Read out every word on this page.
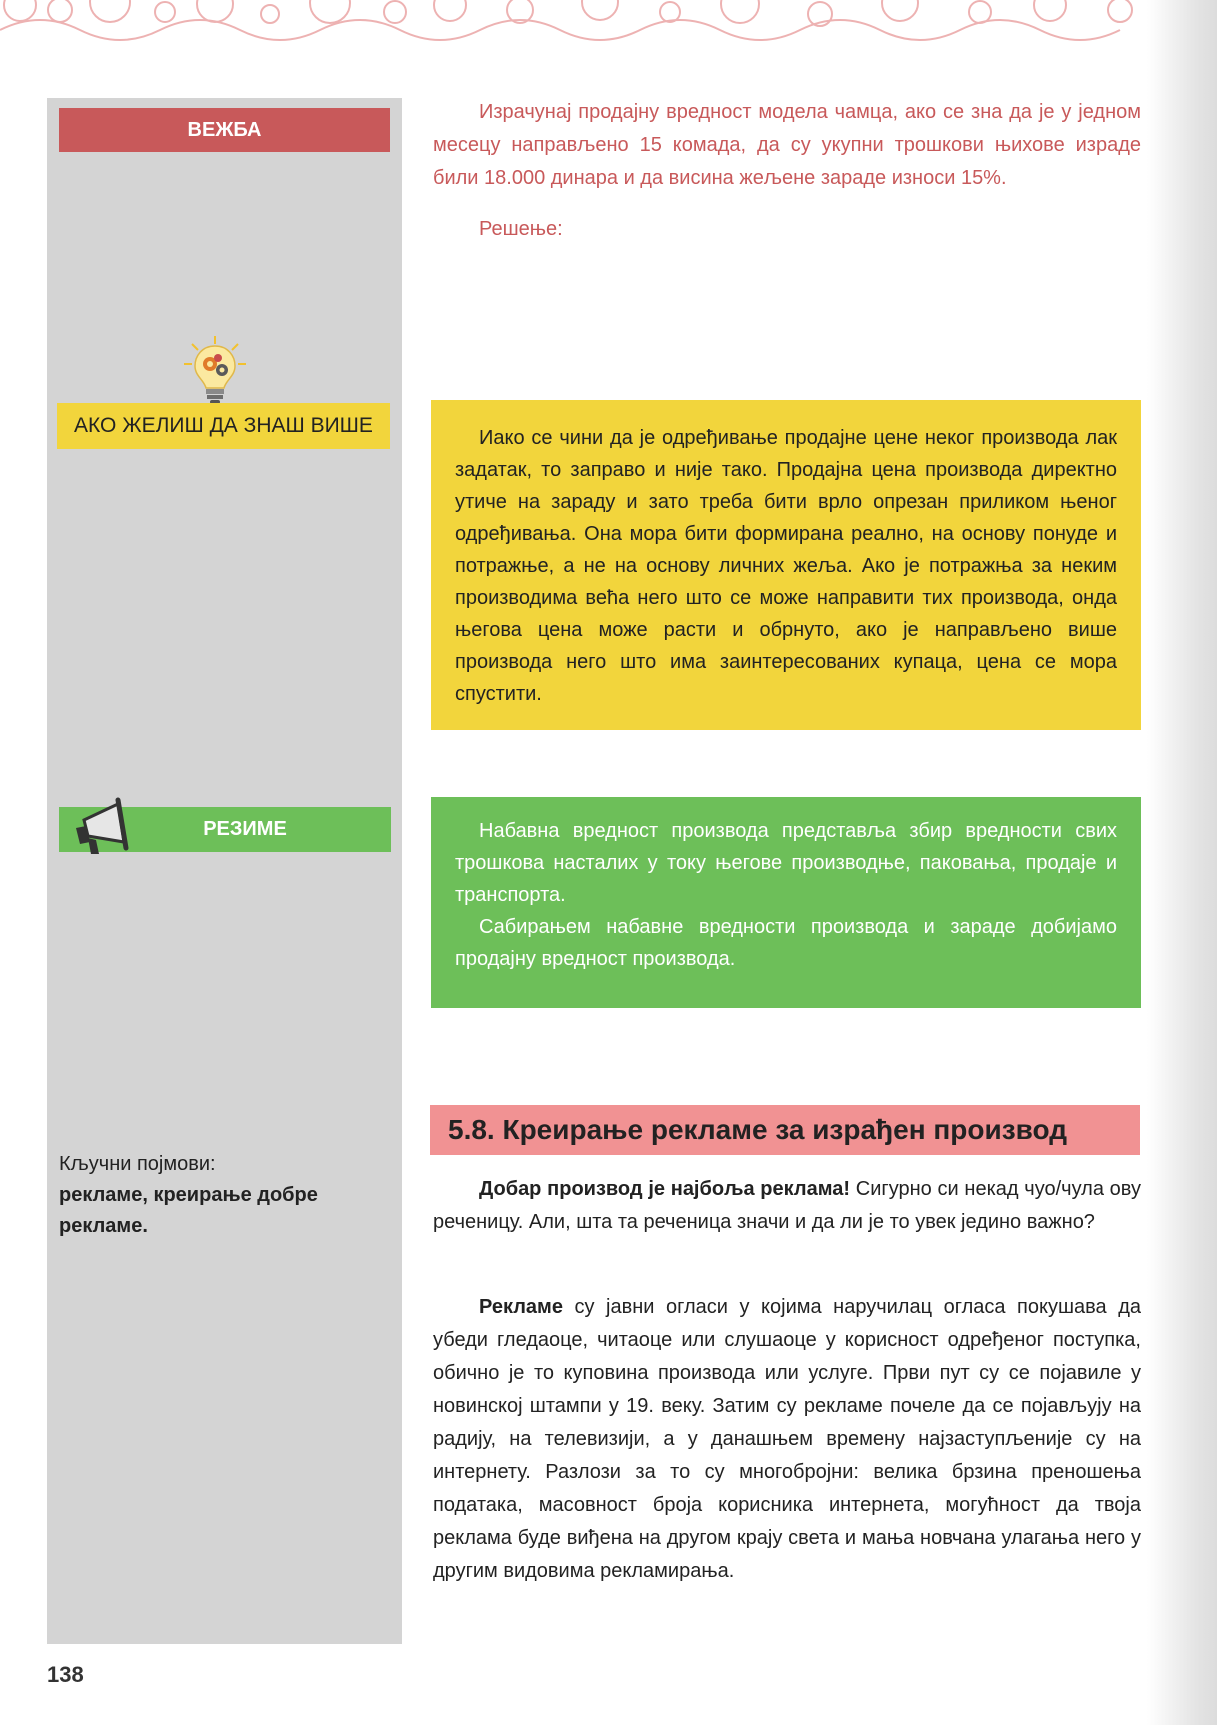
ВЕЖБА
АКО ЖЕЛИШ ДА ЗНАШ ВИШЕ
РЕЗИМЕ
Кључни појмови:
рекламе, креирање добре рекламе.

Израчунај продајну вредност модела чамца, ако се зна да је у једном месецу направљено 15 комада, да су укупни трошкови њихове израде били 18.000 динара и да висина жељене зараде износи 15%.

Решење:

Иако се чини да је одређивање продајне цене неког производа лак задатак, то заправо и није тако. Продајна цена производа директно утиче на зараду и зато треба бити врло опрезан приликом њеног одређивања. Она мора бити формирана реално, на основу понуде и потражње, а не на основу личних жеља. Ако је потражња за неким производима већа него што се може направити тих производа, онда његова цена може расти и обрнуто, ако је направљено више производа него што има заинтересованих купаца, цена се мора спустити.

Набавна вредност производа представља збир вредности свих трошкова насталих у току његове производње, паковања, продаје и транспорта.

Сабирањем набавне вредности производа и зараде добијамо продајну вредност производа.

5.8. Креирање рекламе за израђен производ

Добар производ је најбоља реклама! Сигурно си некад чуо/чула ову реченицу. Али, шта та реченица значи и да ли је то увек једино важно?

Рекламе су јавни огласи у којима наручилац огласа покушава да убеди гледаоце, читаоце или слушаоце у корисност одређеног поступка, обично је то куповина производа или услуге. Први пут су се појавиле у новинској штампи у 19. веку. Затим су рекламе почеле да се појављују на радију, на телевизији, а у данашњем времену најзаступљеније су на интернету. Разлози за то су многобројни: велика брзина преношења података, масовност броја корисника интернета, могућност да твоја реклама буде виђена на другом крају света и мања новчана улагања него у другим видовима рекламирања.

138
